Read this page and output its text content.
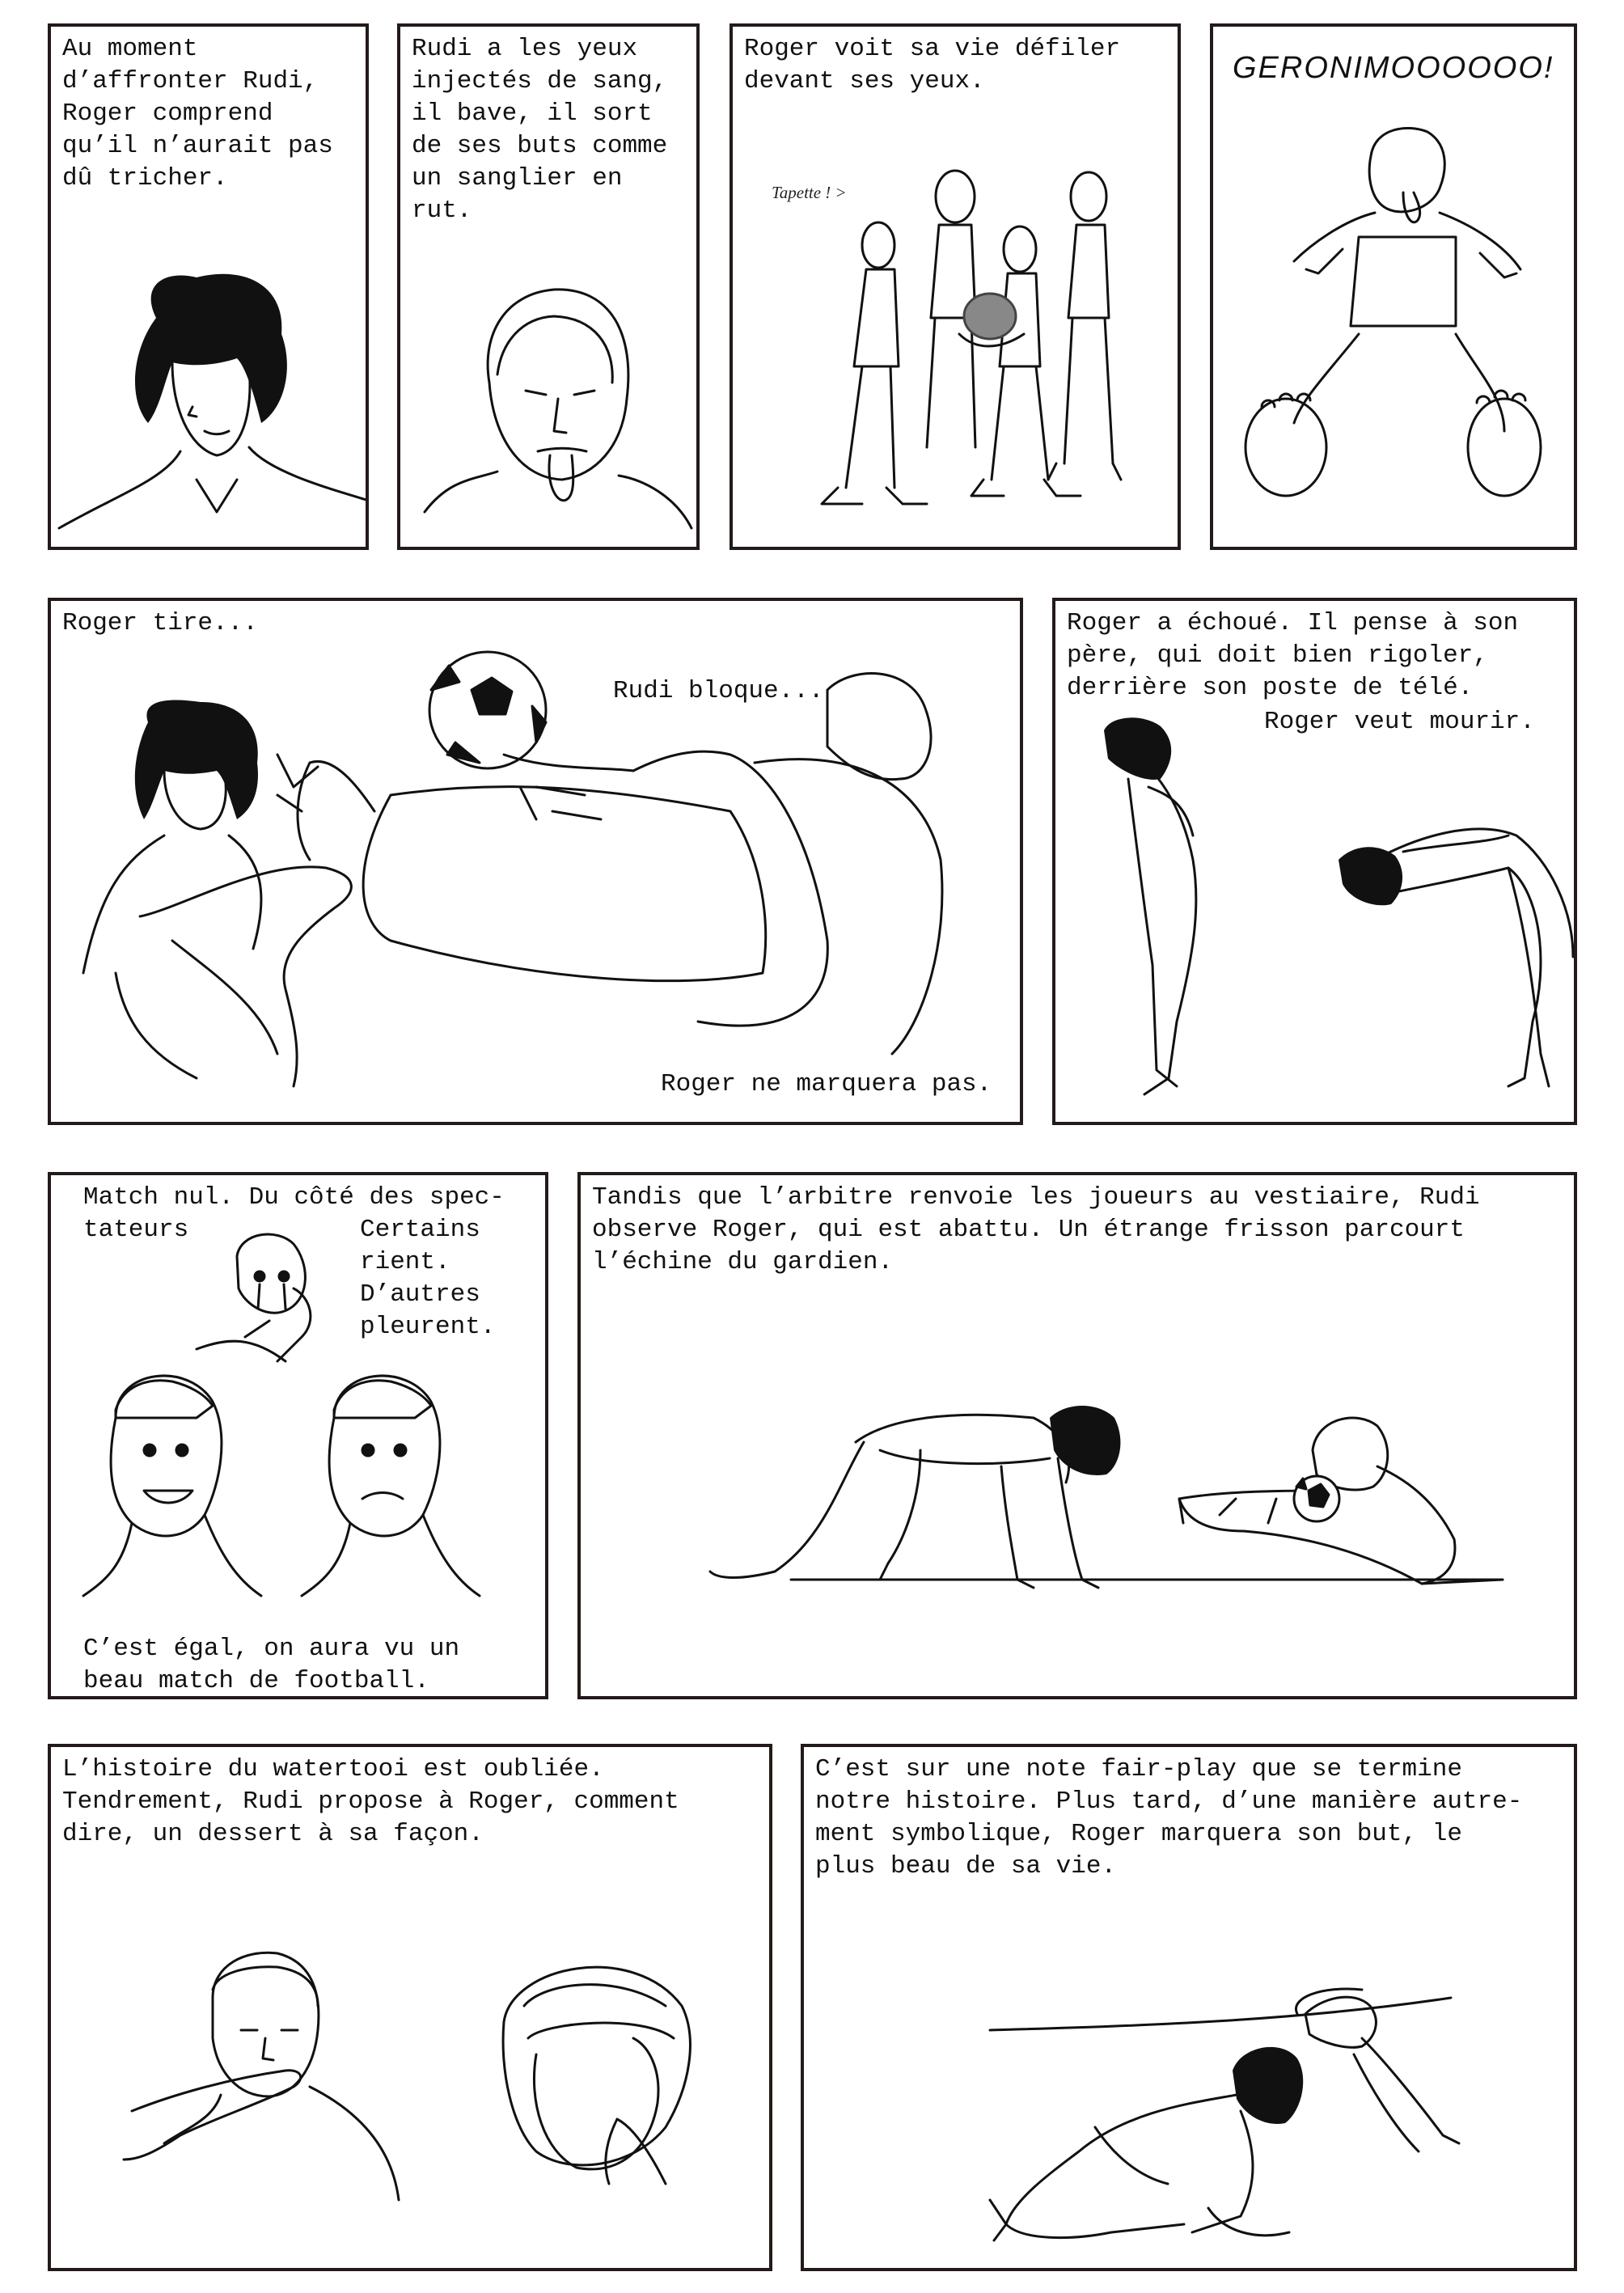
Au moment
d’affronter Rudi,
Roger comprend
qu’il n’aurait pas
dû tricher.
Rudi a les yeux
injectés de sang,
il bave, il sort
de ses buts comme
un sanglier en
rut.
Roger voit sa vie défiler
devant ses yeux.
Tapette ! >
GERONIMOOOOOO!
Roger tire...
Rudi bloque...
Roger ne marquera pas.
Roger a échoué. Il pense à son
père, qui doit bien rigoler,
derrière son poste de télé.
Roger veut mourir.
Match nul. Du côté des spec-
tateurs	Certains
rient.
D’autres
pleurent.
C’est égal, on aura vu un
beau match de football.
Tandis que l’arbitre renvoie les joueurs au vestiaire, Rudi
observe Roger, qui est abattu. Un étrange frisson parcourt
l’échine du gardien.
L’histoire du watertooi est oubliée.
Tendrement, Rudi propose à Roger, comment
dire, un dessert à sa façon.
C’est sur une note fair-play que se termine
notre histoire. Plus tard, d’une manière autre-
ment symbolique, Roger marquera son but, le
plus beau de sa vie.
